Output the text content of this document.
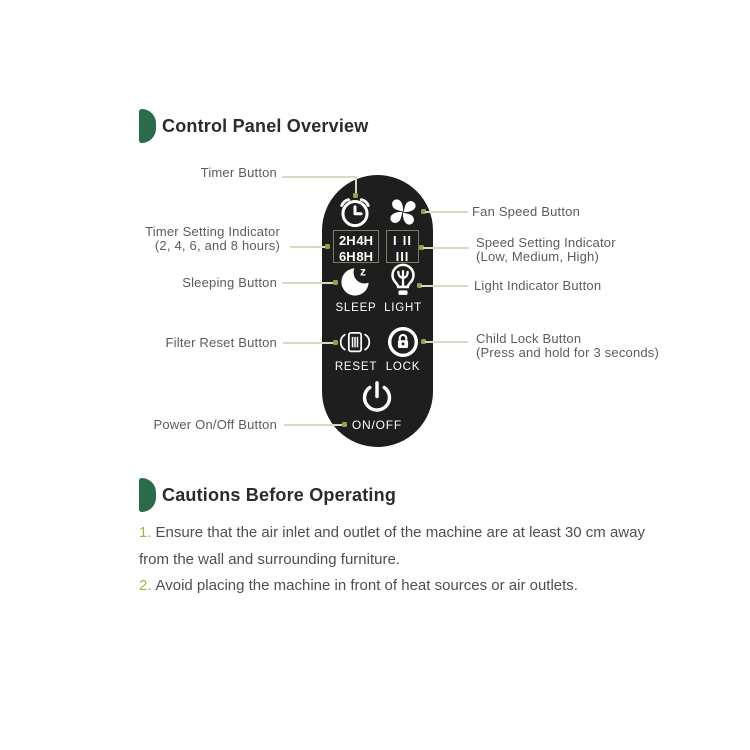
Control Panel Overview
2H 4H
6H 8H
I II
III
z
SLEEP LIGHT
RESET LOCK
ON/OFF
Timer Button
Timer Setting Indicator
(2, 4, 6, and 8 hours)
Sleeping Button
Filter Reset Button
Power On/Off Button
Fan Speed Button
Speed Setting Indicator
(Low, Medium, High)
Light Indicator Button
Child Lock Button
(Press and hold for 3 seconds)
Cautions Before Operating

1. Ensure that the air inlet and outlet of the machine are at least 30 cm away from the wall and surrounding furniture.

2. Avoid placing the machine in front of heat sources or air outlets.
